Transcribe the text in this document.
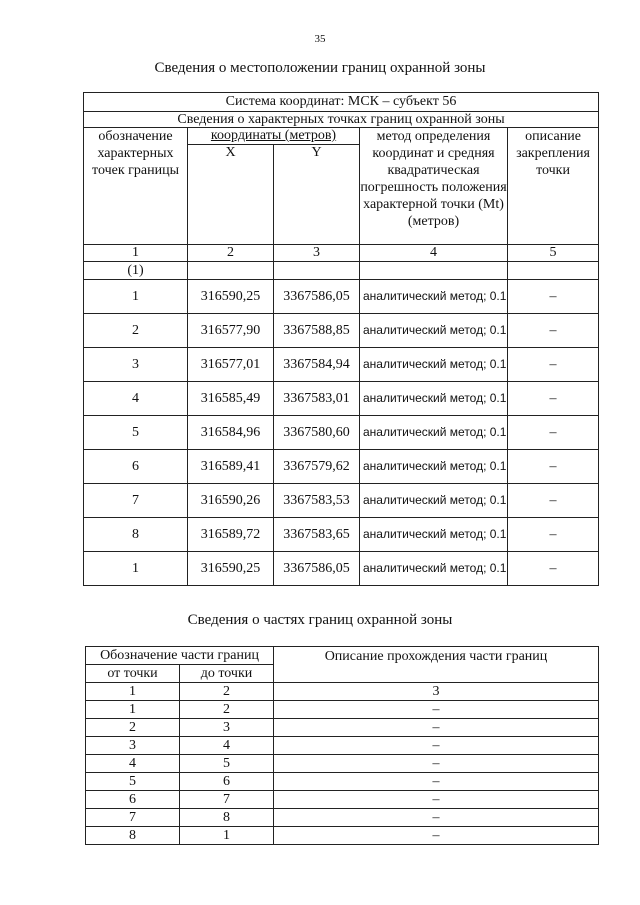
35
Сведения о местоположении границ охранной зоны
Система координат: МСК – субъект 56				
Сведения о характерных точках границ охранной зоны				
обозначение характерных точек границы	координаты (метров)		метод определения координат и средняя квадратическая погрешность положения характерной точки (Mt) (метров)	описание закрепления точки
	X	Y		
1	2	3	4	5
(1)				
1	316590,25	3367586,05	аналитический метод; 0.1	–
2	316577,90	3367588,85	аналитический метод; 0.1	–
3	316577,01	3367584,94	аналитический метод; 0.1	–
4	316585,49	3367583,01	аналитический метод; 0.1	–
5	316584,96	3367580,60	аналитический метод; 0.1	–
6	316589,41	3367579,62	аналитический метод; 0.1	–
7	316590,26	3367583,53	аналитический метод; 0.1	–
8	316589,72	3367583,65	аналитический метод; 0.1	–
1	316590,25	3367586,05	аналитический метод; 0.1	–
Сведения о частях границ охранной зоны
Обозначение части границ		Описание прохождения части границ
от точки	до точки	
1	2	3
1	2	–
2	3	–
3	4	–
4	5	–
5	6	–
6	7	–
7	8	–
8	1	–
